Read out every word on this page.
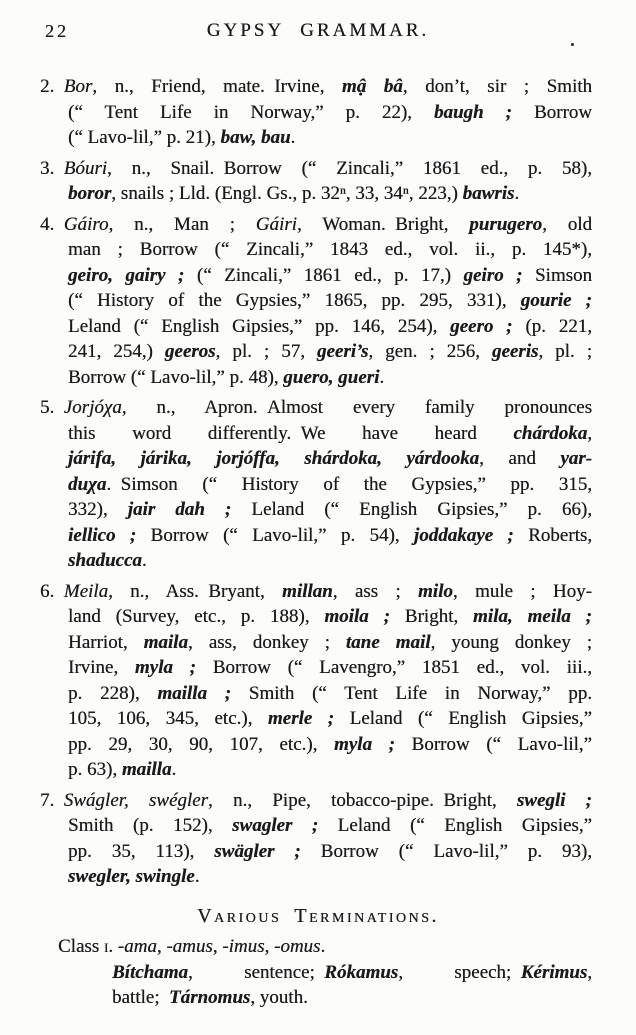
22	GYPSY GRAMMAR.
2. Bor, n., Friend, mate. Irvine, mậ bâ, don’t, sir ; Smith
(“ Tent Life in Norway,” p. 22), baugh ; Borrow
(“ Lavo-lil,” p. 21), baw, bau.
3. Bóuri, n., Snail. Borrow (“ Zincali,” 1861 ed., p. 58),
boror, snails ; Lld. (Engl. Gs., p. 32ⁿ, 33, 34ⁿ, 223,) bawris.
4. Gáiro, n., Man ; Gáiri, Woman. Bright, purugero, old
man ; Borrow (“ Zincali,” 1843 ed., vol. ii., p. 145*),
geiro, gairy ; (“ Zincali,” 1861 ed., p. 17,) geiro ; Simson
(“ History of the Gypsies,” 1865, pp. 295, 331), gourie ;
Leland (“ English Gipsies,” pp. 146, 254), geero ; (p. 221,
241, 254,) geeros, pl. ; 57, geeri’s, gen. ; 256, geeris, pl. ;
Borrow (“ Lavo-lil,” p. 48), guero, gueri.
5. Jorjóχa, n., Apron. Almost every family pronounces
this word differently. We have heard chárdoka,
járifa, járika, jorjóffa, shárdoka, yárdooka, and yar-
duχa. Simson (“ History of the Gypsies,” pp. 315,
332), jair dah ; Leland (“ English Gipsies,” p. 66),
iellico ; Borrow (“ Lavo-lil,” p. 54), joddakaye ; Roberts,
shaducca.
6. Meila, n., Ass. Bryant, millan, ass ; milo, mule ; Hoy-
land (Survey, etc., p. 188), moila ; Bright, mila, meila ;
Harriot, maila, ass, donkey ; tane mail, young donkey ;
Irvine, myla ; Borrow (“ Lavengro,” 1851 ed., vol. iii.,
p. 228), mailla ; Smith (“ Tent Life in Norway,” pp.
105, 106, 345, etc.), merle ; Leland (“ English Gipsies,”
pp. 29, 30, 90, 107, etc.), myla ; Borrow (“ Lavo-lil,”
p. 63), mailla.
7. Swágler, swégler, n., Pipe, tobacco-pipe. Bright, swegli ;
Smith (p. 152), swagler ; Leland (“ English Gipsies,”
pp. 35, 113), swägler ; Borrow (“ Lavo-lil,” p. 93),
swegler, swingle.
Various Terminations.
Class i. -ama, -amus, -imus, -omus.
Bítchama, sentence; Rókamus, speech; Kérimus,
battle; Tárnomus, youth.
